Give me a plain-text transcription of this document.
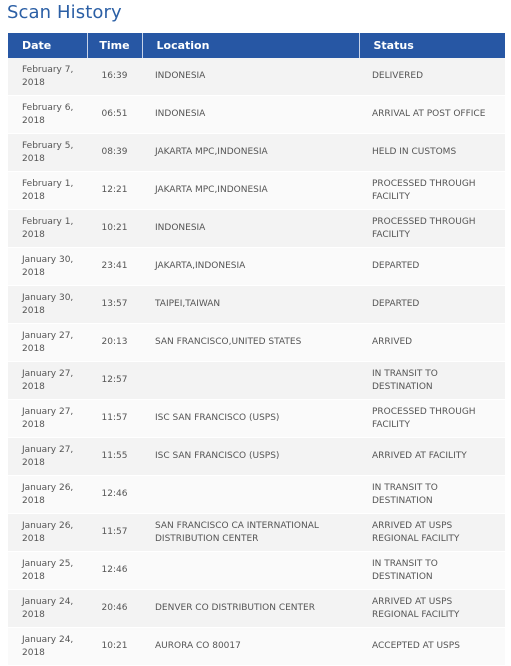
Scan History
Date	Time	Location	Status
February 7, 2018	16:39	INDONESIA	DELIVERED
February 6, 2018	06:51	INDONESIA	ARRIVAL AT POST OFFICE
February 5, 2018	08:39	JAKARTA MPC,INDONESIA	HELD IN CUSTOMS
February 1, 2018	12:21	JAKARTA MPC,INDONESIA	PROCESSED THROUGH FACILITY
February 1, 2018	10:21	INDONESIA	PROCESSED THROUGH FACILITY
January 30, 2018	23:41	JAKARTA,INDONESIA	DEPARTED
January 30, 2018	13:57	TAIPEI,TAIWAN	DEPARTED
January 27, 2018	20:13	SAN FRANCISCO,UNITED STATES	ARRIVED
January 27, 2018	12:57		IN TRANSIT TO DESTINATION
January 27, 2018	11:57	ISC SAN FRANCISCO (USPS)	PROCESSED THROUGH FACILITY
January 27, 2018	11:55	ISC SAN FRANCISCO (USPS)	ARRIVED AT FACILITY
January 26, 2018	12:46		IN TRANSIT TO DESTINATION
January 26, 2018	11:57	SAN FRANCISCO CA INTERNATIONAL DISTRIBUTION CENTER	ARRIVED AT USPS REGIONAL FACILITY
January 25, 2018	12:46		IN TRANSIT TO DESTINATION
January 24, 2018	20:46	DENVER CO DISTRIBUTION CENTER	ARRIVED AT USPS REGIONAL FACILITY
January 24, 2018	10:21	AURORA CO 80017	ACCEPTED AT USPS
